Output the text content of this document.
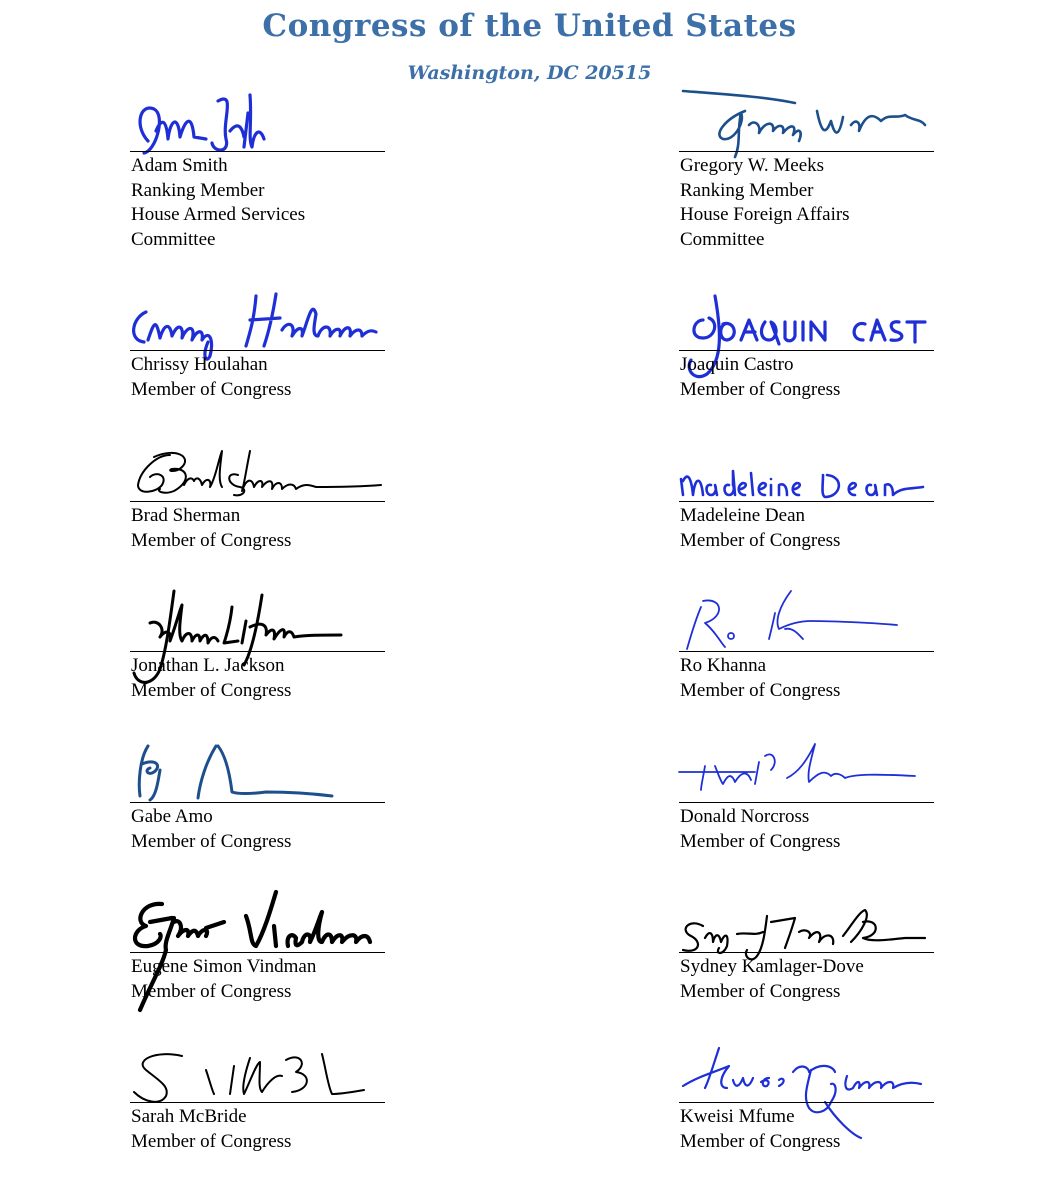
Congress of the United States
Washington, DC 20515
Adam Smith
Ranking Member
House Armed Services
Committee
Gregory W. Meeks
Ranking Member
House Foreign Affairs
Committee
Chrissy Houlahan
Member of Congress
Joaquin Castro
Member of Congress
Brad Sherman
Member of Congress
Madeleine Dean
Member of Congress
Jonathan L. Jackson
Member of Congress
Ro Khanna
Member of Congress
Gabe Amo
Member of Congress
Donald Norcross
Member of Congress
Eugene Simon Vindman
Member of Congress
Sydney Kamlager-Dove
Member of Congress
Sarah McBride
Member of Congress
Kweisi Mfume
Member of Congress
